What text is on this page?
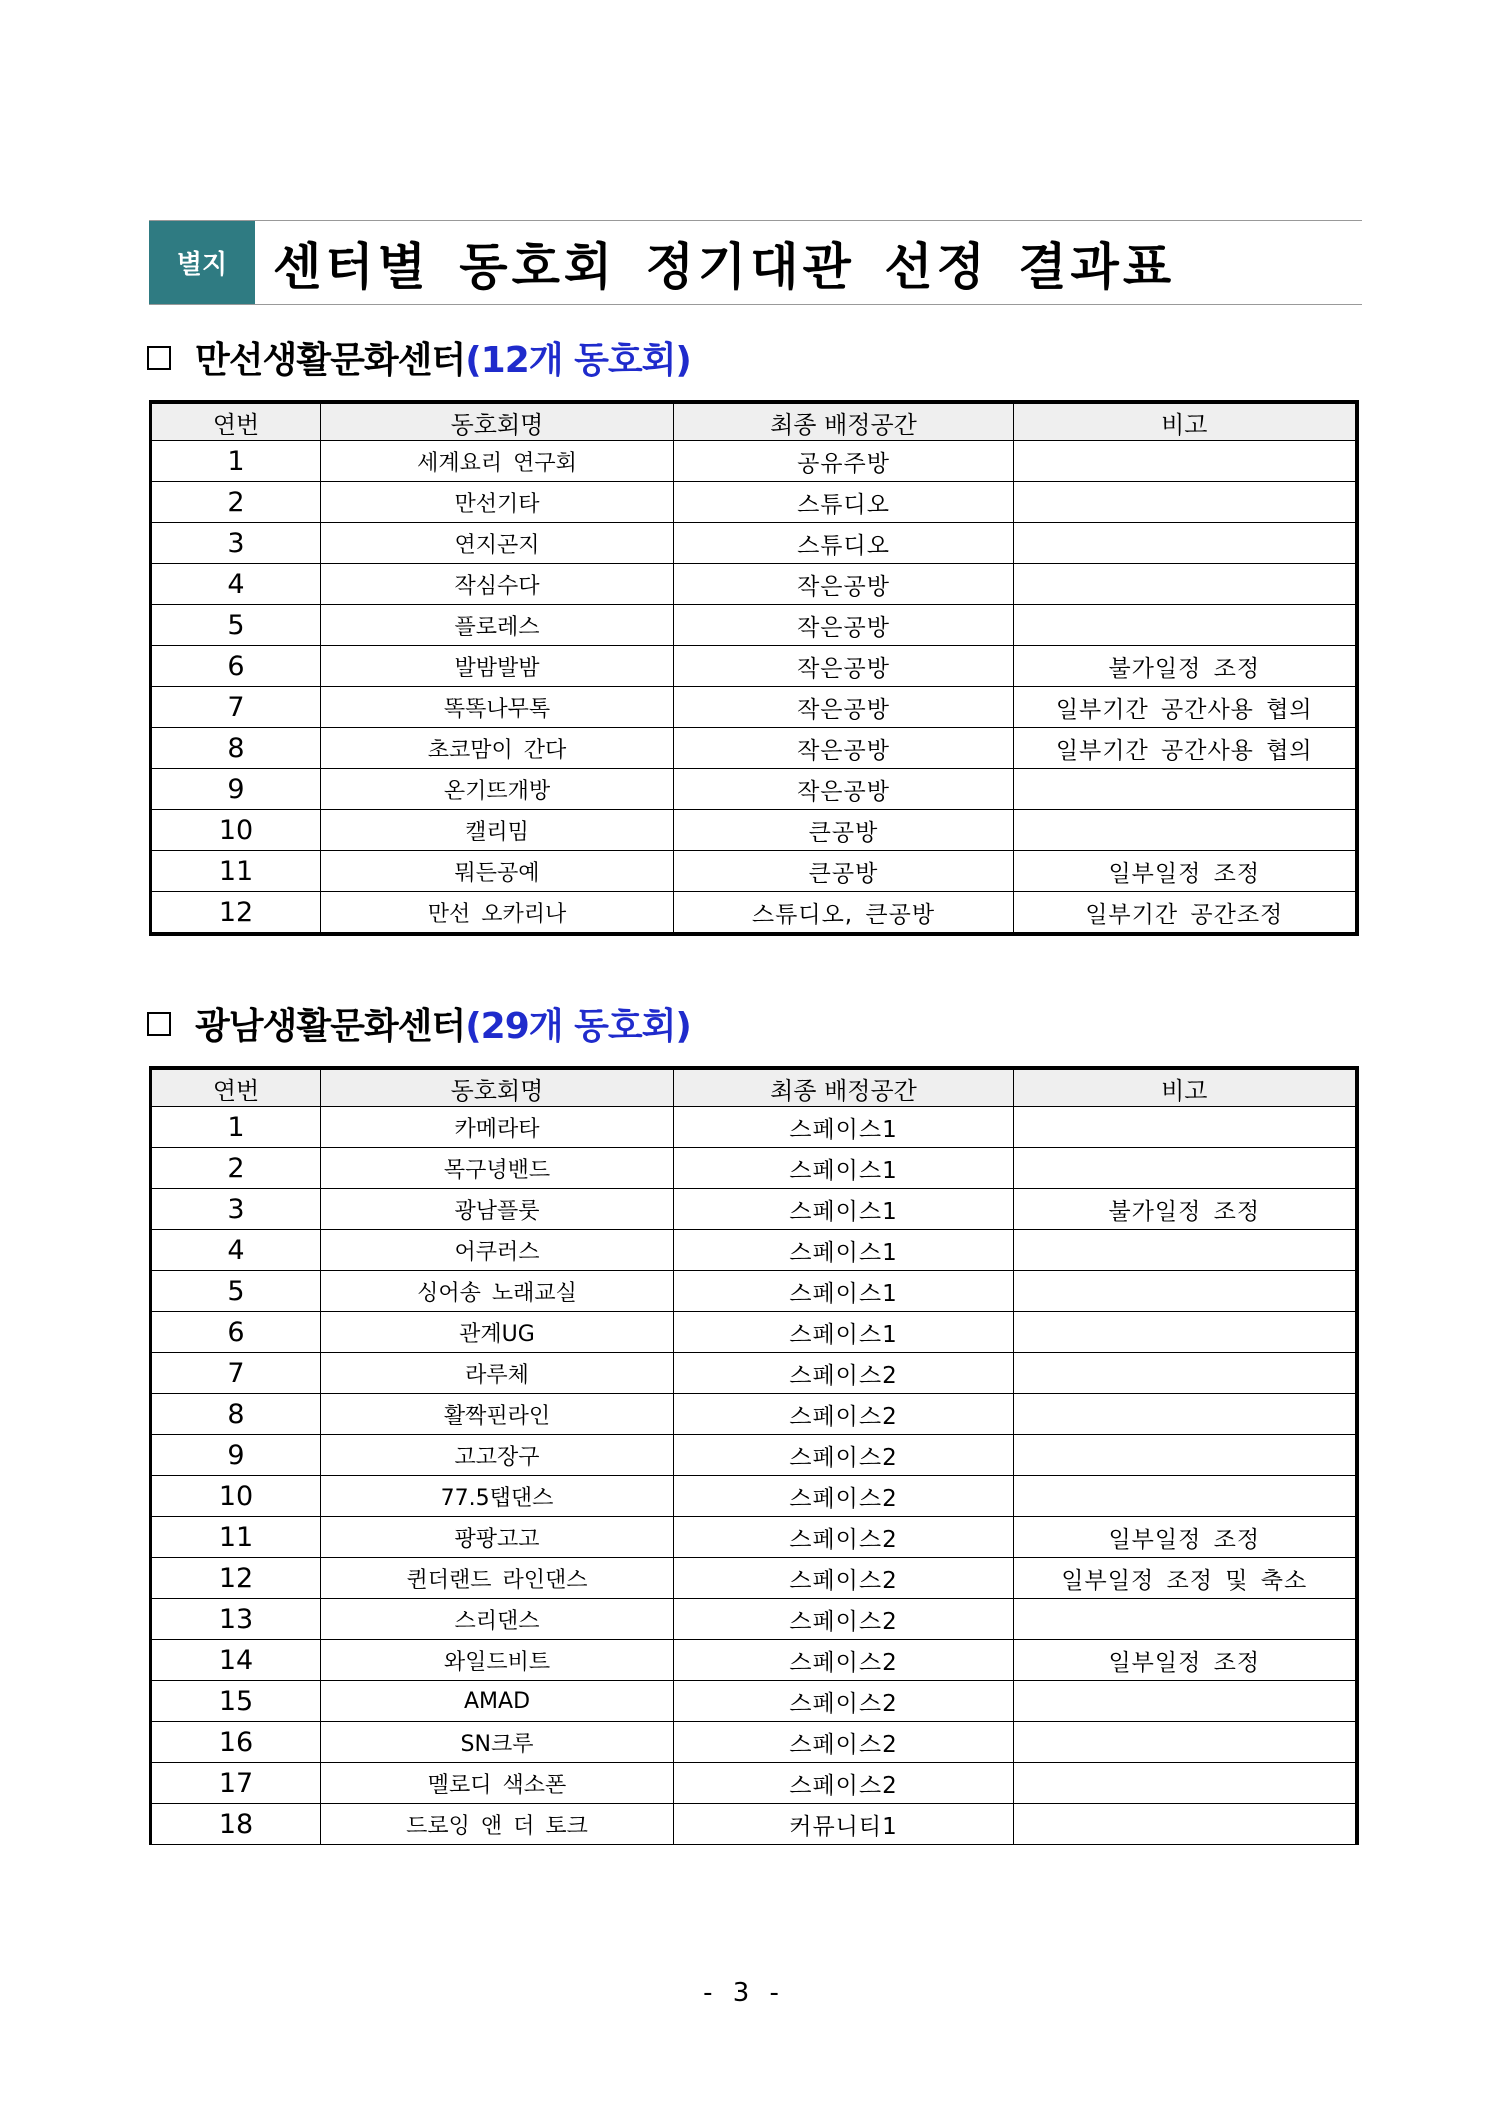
별지 센터별 동호회 정기대관 선정 결과표
만선생활문화센터 (12개 동호회)
연번	동호회명	최종 배정공간	비고
1	세계요리 연구회	공유주방	
2	만선기타	스튜디오	
3	연지곤지	스튜디오	
4	작심수다	작은공방	
5	플로레스	작은공방	
6	발밤발밤	작은공방	불가일정 조정
7	똑똑나무톡	작은공방	일부기간 공간사용 협의
8	초코맘이 간다	작은공방	일부기간 공간사용 협의
9	온기뜨개방	작은공방	
10	캘리밈	큰공방	
11	뭐든공예	큰공방	일부일정 조정
12	만선 오카리나	스튜디오, 큰공방	일부기간 공간조정
광남생활문화센터 (29개 동호회)
연번	동호회명	최종 배정공간	비고
1	카메라타	스페이스1	
2	목구녕밴드	스페이스1	
3	광남플룻	스페이스1	불가일정 조정
4	어쿠러스	스페이스1	
5	싱어송 노래교실	스페이스1	
6	관계UG	스페이스1	
7	라루체	스페이스2	
8	활짝핀라인	스페이스2	
9	고고장구	스페이스2	
10	77.5탭댄스	스페이스2	
11	팡팡고고	스페이스2	일부일정 조정
12	퀸더랜드 라인댄스	스페이스2	일부일정 조정 및 축소
13	스리댄스	스페이스2	
14	와일드비트	스페이스2	일부일정 조정
15	AMAD	스페이스2	
16	SN크루	스페이스2	
17	멜로디 색소폰	스페이스2	
18	드로잉 앤 더 토크	커뮤니티1	
- 3 -
